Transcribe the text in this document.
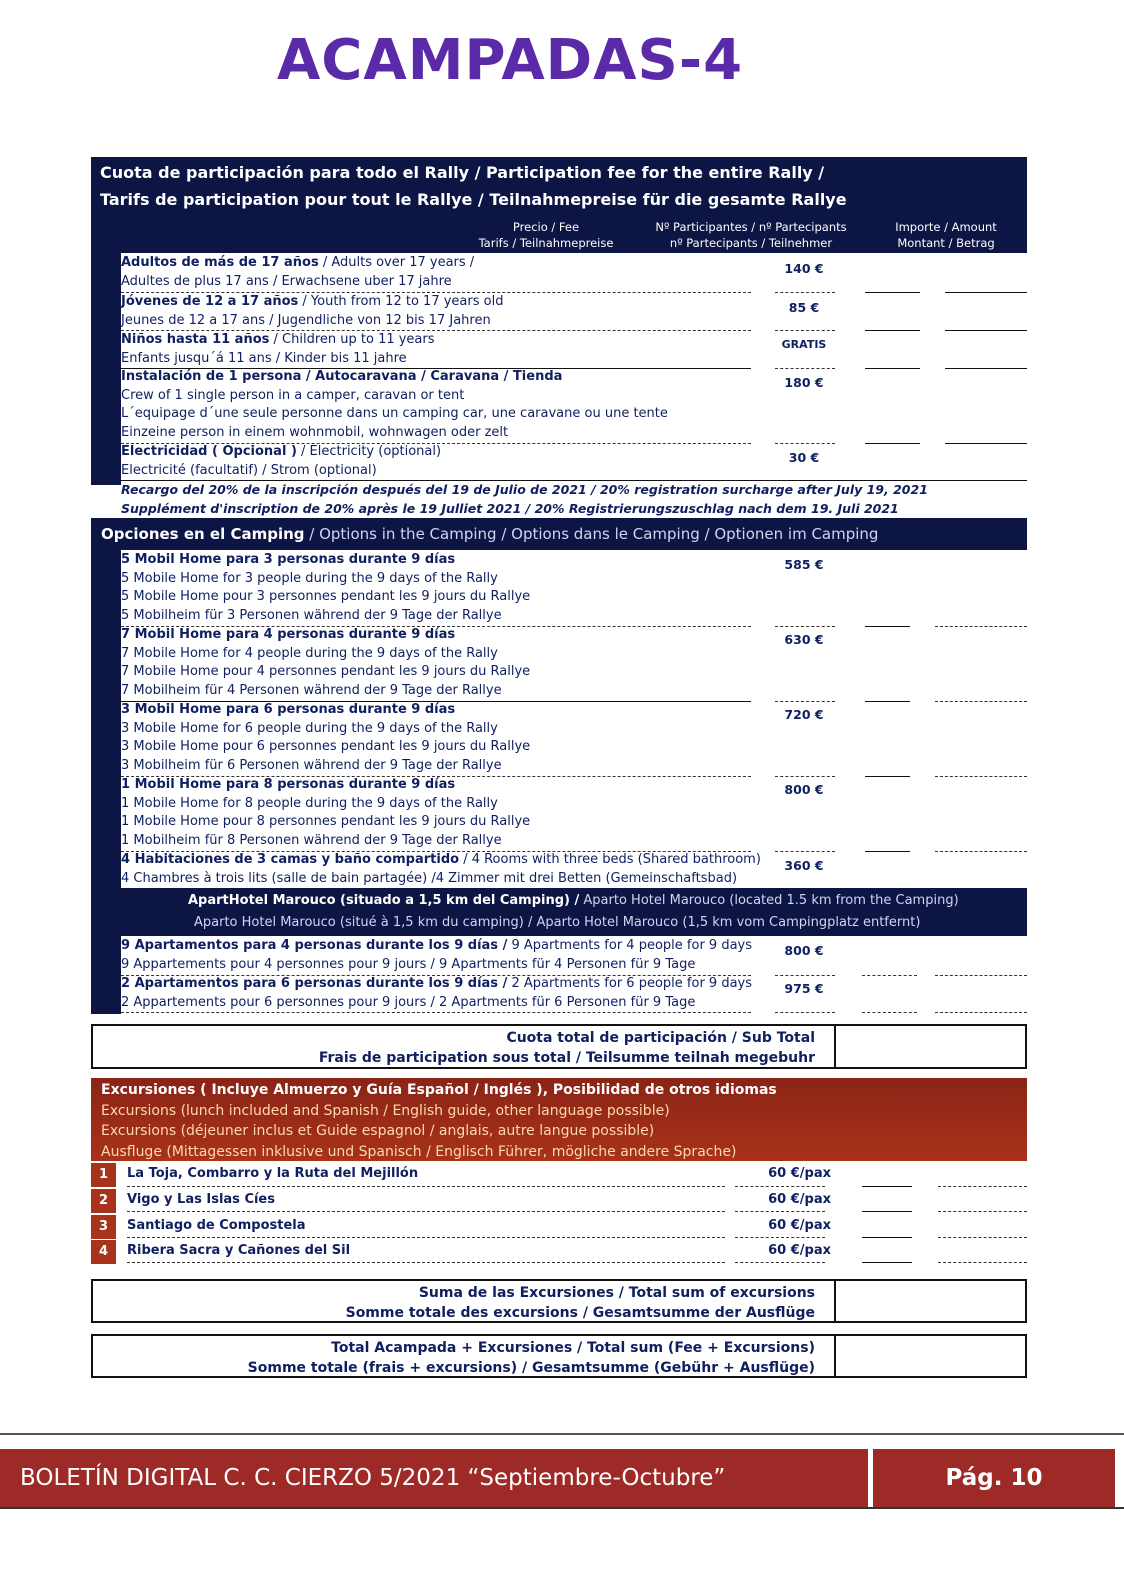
ACAMPADAS-4
Cuota de participación para todo el Rally / Participation fee for the entire Rally /
Tarifs de participation pour tout le Rallye / Teilnahmepreise für die gesamte Rallye
Precio / Fee
Tarifs / Teilnahmepreise
Nº Participantes / nº Partecipants
nº Partecipants / Teilnehmer
Importe / Amount
Montant / Betrag
Adultos de más de 17 años / Adults over 17 years /
Adultes de plus 17 ans / Erwachsene uber 17 jahre
140 €
Jóvenes de 12 a 17 años / Youth from 12 to 17 years old
Jeunes de 12 a 17 ans / Jugendliche von 12 bis 17 Jahren
85 €
Niños hasta 11 años / Children up to 11 years
Enfants jusqu´á 11 ans / Kinder bis 11 jahre
GRATIS
Instalación de 1 persona / Autocaravana / Caravana / Tienda
Crew of 1 single person in a camper, caravan or tent
L´equipage d´une seule personne dans un camping car, une caravane ou une tente
Einzeine person in einem wohnmobil, wohnwagen oder zelt
180 €
Electricidad ( Opcional ) / Electricity (optional)
Electricité (facultatif) / Strom (optional)
30 €
Recargo del 20% de la inscripción después del 19 de Julio de 2021 / 20% registration surcharge after July 19, 2021
Supplément d'inscription de 20% après le 19 Julliet 2021 / 20% Registrierungszuschlag nach dem 19. Juli 2021
Opciones en el Camping / Options in the Camping / Options dans le Camping / Optionen im Camping
5 Mobil Home para 3 personas durante 9 días
5 Mobile Home for 3 people during the 9 days of the Rally
5 Mobile Home pour 3 personnes pendant les 9 jours du Rallye
5 Mobilheim für 3 Personen während der 9 Tage der Rallye
585 €
7 Mobil Home para 4 personas durante 9 días
7 Mobile Home for 4 people during the 9 days of the Rally
7 Mobile Home pour 4 personnes pendant les 9 jours du Rallye
7 Mobilheim für 4 Personen während der 9 Tage der Rallye
630 €
3 Mobil Home para 6 personas durante 9 días
3 Mobile Home for 6 people during the 9 days of the Rally
3 Mobile Home pour 6 personnes pendant les 9 jours du Rallye
3 Mobilheim für 6 Personen während der 9 Tage der Rallye
720 €
1 Mobil Home para 8 personas durante 9 días
1 Mobile Home for 8 people during the 9 days of the Rally
1 Mobile Home pour 8 personnes pendant les 9 jours du Rallye
1 Mobilheim für 8 Personen während der 9 Tage der Rallye
800 €
4 Habitaciones de 3 camas y baño compartido / 4 Rooms with three beds (Shared bathroom)
4 Chambres à trois lits (salle de bain partagée) /4 Zimmer mit drei Betten (Gemeinschaftsbad)
360 €
ApartHotel Marouco (situado a 1,5 km del Camping) / Aparto Hotel Marouco (located 1.5 km from the Camping)
Aparto Hotel Marouco (situé à 1,5 km du camping) / Aparto Hotel Marouco (1,5 km vom Campingplatz entfernt)
9 Apartamentos para 4 personas durante los 9 días / 9 Apartments for 4 people for 9 days
9 Appartements pour 4 personnes pour 9 jours / 9 Apartments für 4 Personen für 9 Tage
800 €
2 Apartamentos para 6 personas durante los 9 días / 2 Apartments for 6 people for 9 days
2 Appartements pour 6 personnes pour 9 jours / 2 Apartments für 6 Personen für 9 Tage
975 €
Cuota total de participación / Sub Total
Frais de participation sous total / Teilsumme teilnah megebuhr
Excursiones ( Incluye Almuerzo y Guía Español / Inglés ), Posibilidad de otros idiomas
Excursions (lunch included and Spanish / English guide, other language possible)
Excursions (déjeuner inclus et Guide espagnol / anglais, autre langue possible)
Ausfluge (Mittagessen inklusive und Spanisch / Englisch Führer, mögliche andere Sprache)
1	La Toja, Combarro y la Ruta del Mejillón	60 €/pax
2	Vigo y Las Islas Cíes	60 €/pax
3	Santiago de Compostela	60 €/pax
4	Ribera Sacra y Cañones del Sil	60 €/pax
Suma de las Excursiones / Total sum of excursions
Somme totale des excursions / Gesamtsumme der Ausflüge
Total Acampada + Excursiones / Total sum (Fee + Excursions)
Somme totale (frais + excursions) / Gesamtsumme (Gebühr + Ausflüge)
BOLETÍN DIGITAL C. C. CIERZO 5/2021 “Septiembre-Octubre”	Pág. 10
